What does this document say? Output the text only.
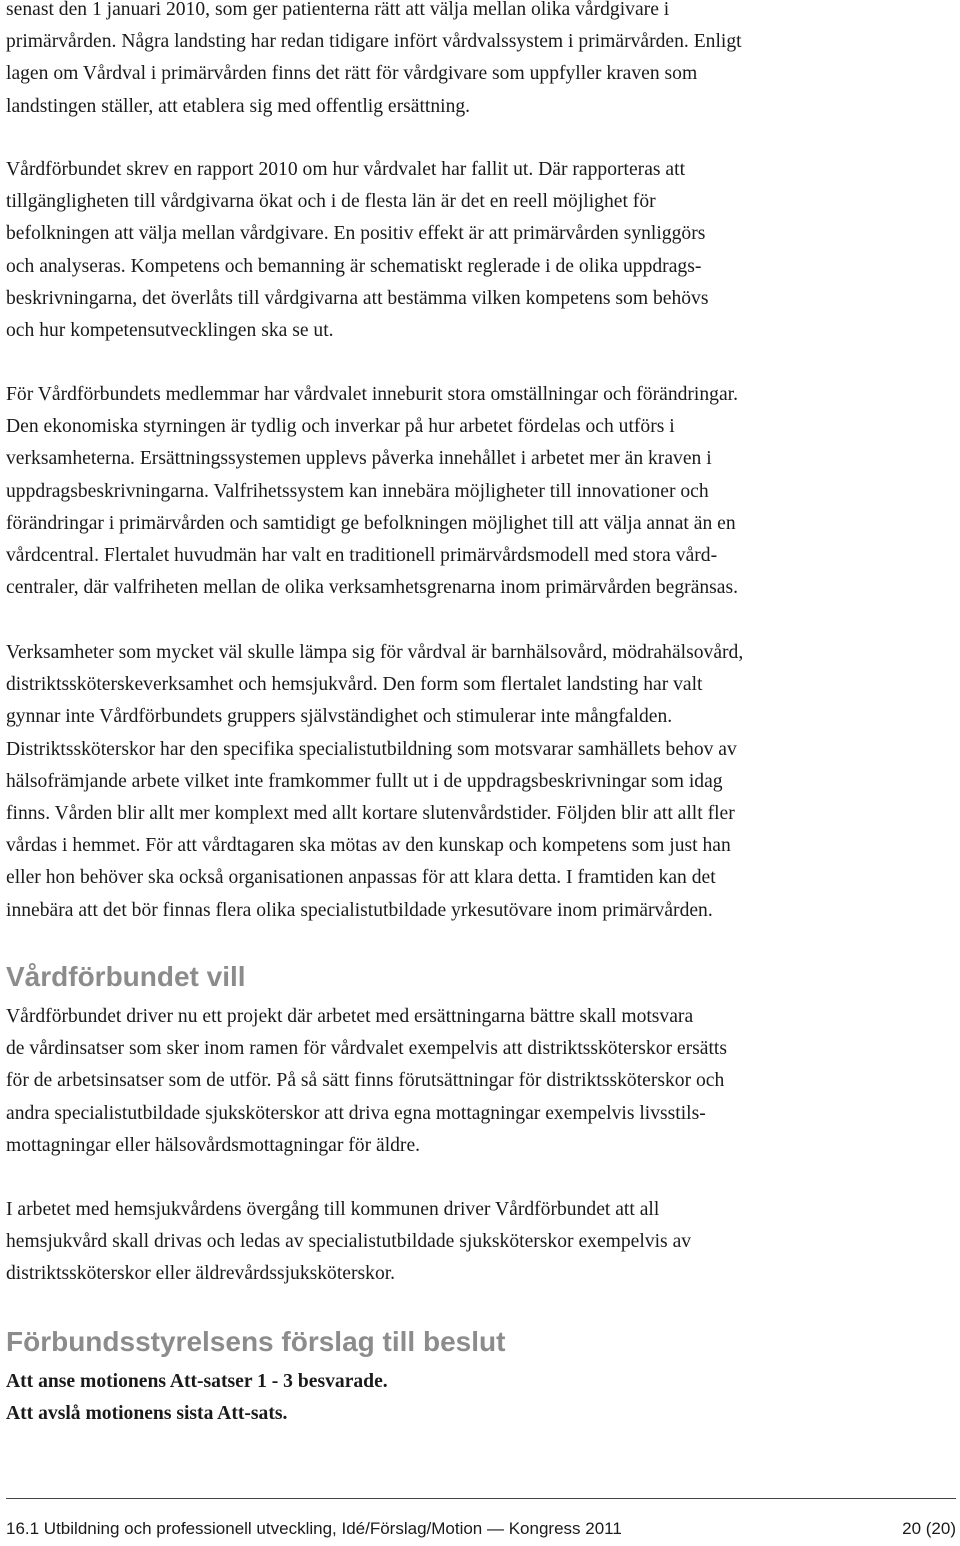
senast den 1 januari 2010, som ger patienterna rätt att välja mellan olika vårdgivare i
primärvården. Några landsting har redan tidigare infört vårdvalssystem i primärvården. Enligt
lagen om Vårdval i primärvården finns det rätt för vårdgivare som uppfyller kraven som
landstingen ställer, att etablera sig med offentlig ersättning.

Vårdförbundet skrev en rapport 2010 om hur vårdvalet har fallit ut. Där rapporteras att
tillgängligheten till vårdgivarna ökat och i de flesta län är det en reell möjlighet för
befolkningen att välja mellan vårdgivare. En positiv effekt är att primärvården synliggörs
och analyseras. Kompetens och bemanning är schematiskt reglerade i de olika uppdrags-
beskrivningarna, det överlåts till vårdgivarna att bestämma vilken kompetens som behövs
och hur kompetensutvecklingen ska se ut.

För Vårdförbundets medlemmar har vårdvalet inneburit stora omställningar och förändringar.
Den ekonomiska styrningen är tydlig och inverkar på hur arbetet fördelas och utförs i
verksamheterna. Ersättningssystemen upplevs påverka innehållet i arbetet mer än kraven i
uppdragsbeskrivningarna. Valfrihetssystem kan innebära möjligheter till innovationer och
förändringar i primärvården och samtidigt ge befolkningen möjlighet till att välja annat än en
vårdcentral. Flertalet huvudmän har valt en traditionell primärvårdsmodell med stora vård-
centraler, där valfriheten mellan de olika verksamhetsgrenarna inom primärvården begränsas.

Verksamheter som mycket väl skulle lämpa sig för vårdval är barnhälsovård, mödrahälsovård,
distriktssköterskeverksamhet och hemsjukvård. Den form som flertalet landsting har valt
gynnar inte Vårdförbundets gruppers självständighet och stimulerar inte mångfalden.
Distriktssköterskor har den specifika specialistutbildning som motsvarar samhällets behov av
hälsofrämjande arbete vilket inte framkommer fullt ut i de uppdragsbeskrivningar som idag
finns. Vården blir allt mer komplext med allt kortare slutenvårdstider. Följden blir att allt fler
vårdas i hemmet. För att vårdtagaren ska mötas av den kunskap och kompetens som just han
eller hon behöver ska också organisationen anpassas för att klara detta. I framtiden kan det
innebära att det bör finnas flera olika specialistutbildade yrkesutövare inom primärvården.

Vårdförbundet vill

Vårdförbundet driver nu ett projekt där arbetet med ersättningarna bättre skall motsvara
de vårdinsatser som sker inom ramen för vårdvalet exempelvis att distriktssköterskor ersätts
för de arbetsinsatser som de utför. På så sätt finns förutsättningar för distriktssköterskor och
andra specialistutbildade sjuksköterskor att driva egna mottagningar exempelvis livsstils-
mottagningar eller hälsovårdsmottagningar för äldre.

I arbetet med hemsjukvårdens övergång till kommunen driver Vårdförbundet att all
hemsjukvård skall drivas och ledas av specialistutbildade sjuksköterskor exempelvis av
distriktssköterskor eller äldrevårdssjuksköterskor.

Förbundsstyrelsens förslag till beslut

Att anse motionens Att-satser 1 - 3 besvarade.

Att avslå motionens sista Att-sats.

16.1 Utbildning och professionell utveckling, Idé/Förslag/Motion — Kongress 2011	20 (20)
